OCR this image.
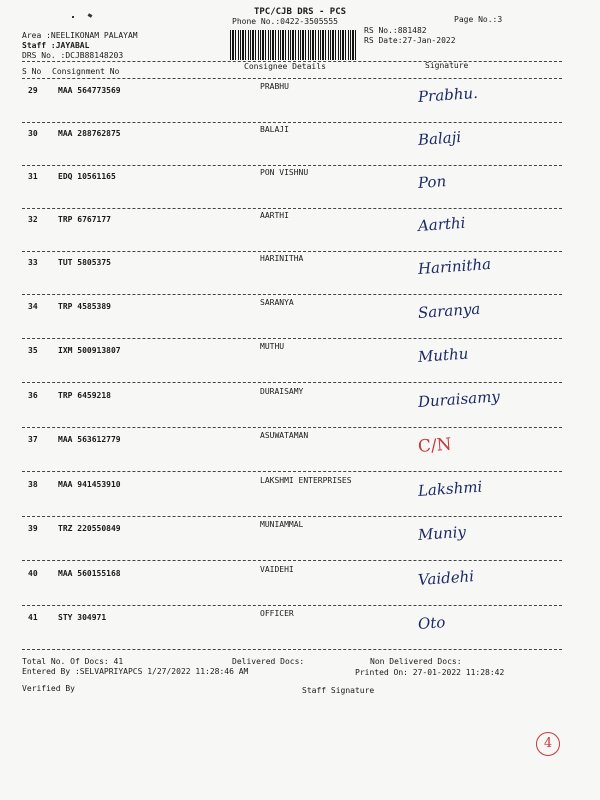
TPC/CJB DRS - PCS
Phone No.:0422-3505555	Page No.:3
RS No.:881482
RS Date:27-Jan-2022
Area :NEELIKONAM PALAYAM
Staff :JAYABAL
DRS No. :DCJB88148203
S No Consignment No
Consignee Details	Signature
29	MAA 564773569	PRABHU	Prabhu.
30	MAA 288762875	BALAJI	Balaji
31	EDQ 10561165	PON VISHNU	Pon
32	TRP 6767177	AARTHI	Aarthi
33	TUT 5805375	HARINITHA	Harinitha
34	TRP 4585389	SARANYA	Saranya
35	IXM 500913807	MUTHU	Muthu
36	TRP 6459218	DURAISAMY	Duraisamy
37	MAA 563612779	ASUWATAMAN	C/N
38	MAA 941453910	LAKSHMI ENTERPRISES	Lakshmi
39	TRZ 220550849	MUNIAMMAL	Muniy
40	MAA 560155168	VAIDEHI	Vaidehi
41	STY 304971	OFFICER	Oto
Total No. Of Docs: 41	Delivered Docs:	Non Delivered Docs:
Entered By :SELVAPRIYAPCS 1/27/2022 11:28:46 AM	Printed On: 27-01-2022 11:28:42
Verified By	Staff Signature
4
